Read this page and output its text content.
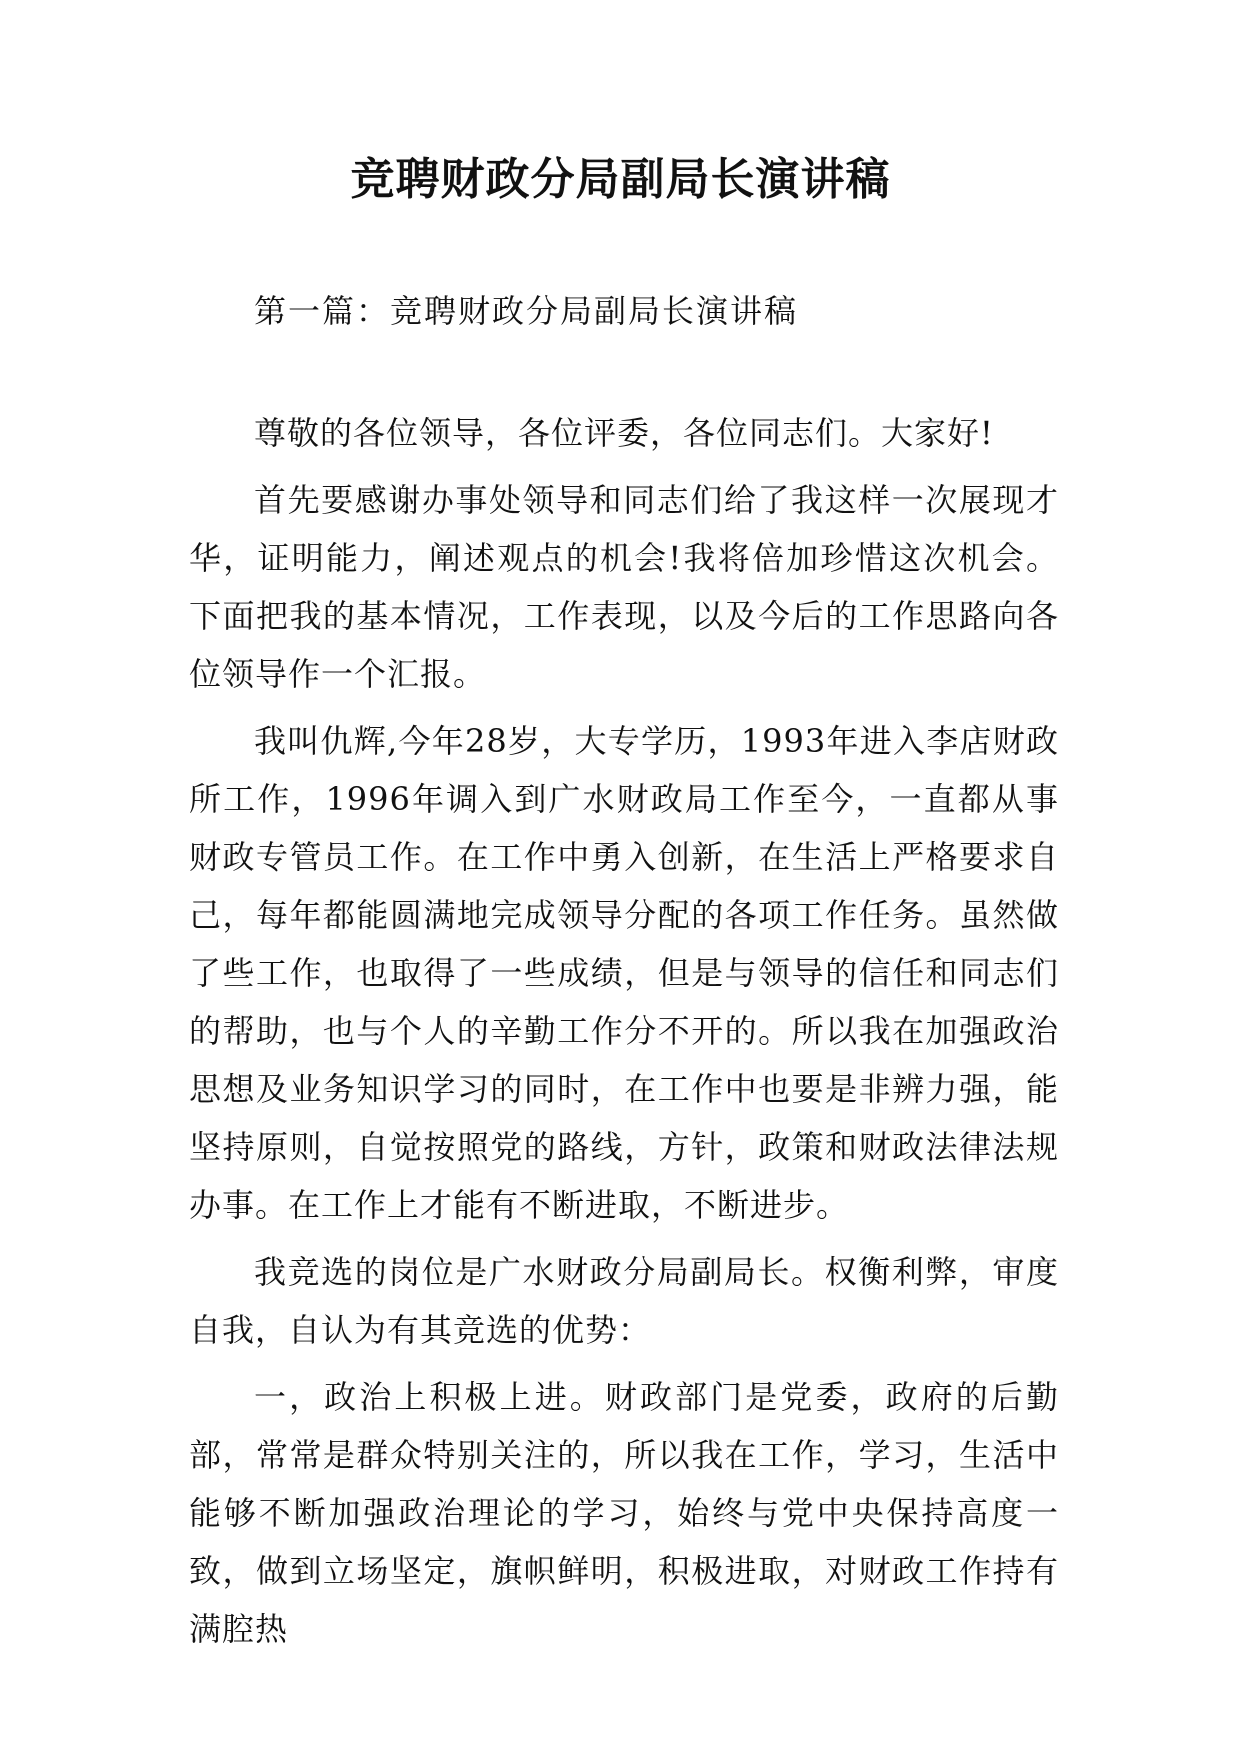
竞聘财政分局副局长演讲稿

第一篇：竞聘财政分局副局长演讲稿

尊敬的各位领导，各位评委，各位同志们。大家好!

首先要感谢办事处领导和同志们给了我这样一次展现才华，证明能力，阐述观点的机会!我将倍加珍惜这次机会。下面把我的基本情况，工作表现，以及今后的工作思路向各位领导作一个汇报。

我叫仇辉,今年28岁，大专学历，1993年进入李店财政所工作，1996年调入到广水财政局工作至今，一直都从事财政专管员工作。在工作中勇入创新，在生活上严格要求自己，每年都能圆满地完成领导分配的各项工作任务。虽然做了些工作，也取得了一些成绩，但是与领导的信任和同志们的帮助，也与个人的辛勤工作分不开的。所以我在加强政治思想及业务知识学习的同时，在工作中也要是非辨力强，能坚持原则，自觉按照党的路线，方针，政策和财政法律法规办事。在工作上才能有不断进取，不断进步。

我竞选的岗位是广水财政分局副局长。权衡利弊，审度自我，自认为有其竞选的优势：

一，政治上积极上进。财政部门是党委，政府的后勤部，常常是群众特别关注的，所以我在工作，学习，生活中能够不断加强政治理论的学习，始终与党中央保持高度一致，做到立场坚定，旗帜鲜明，积极进取，对财政工作持有满腔热
